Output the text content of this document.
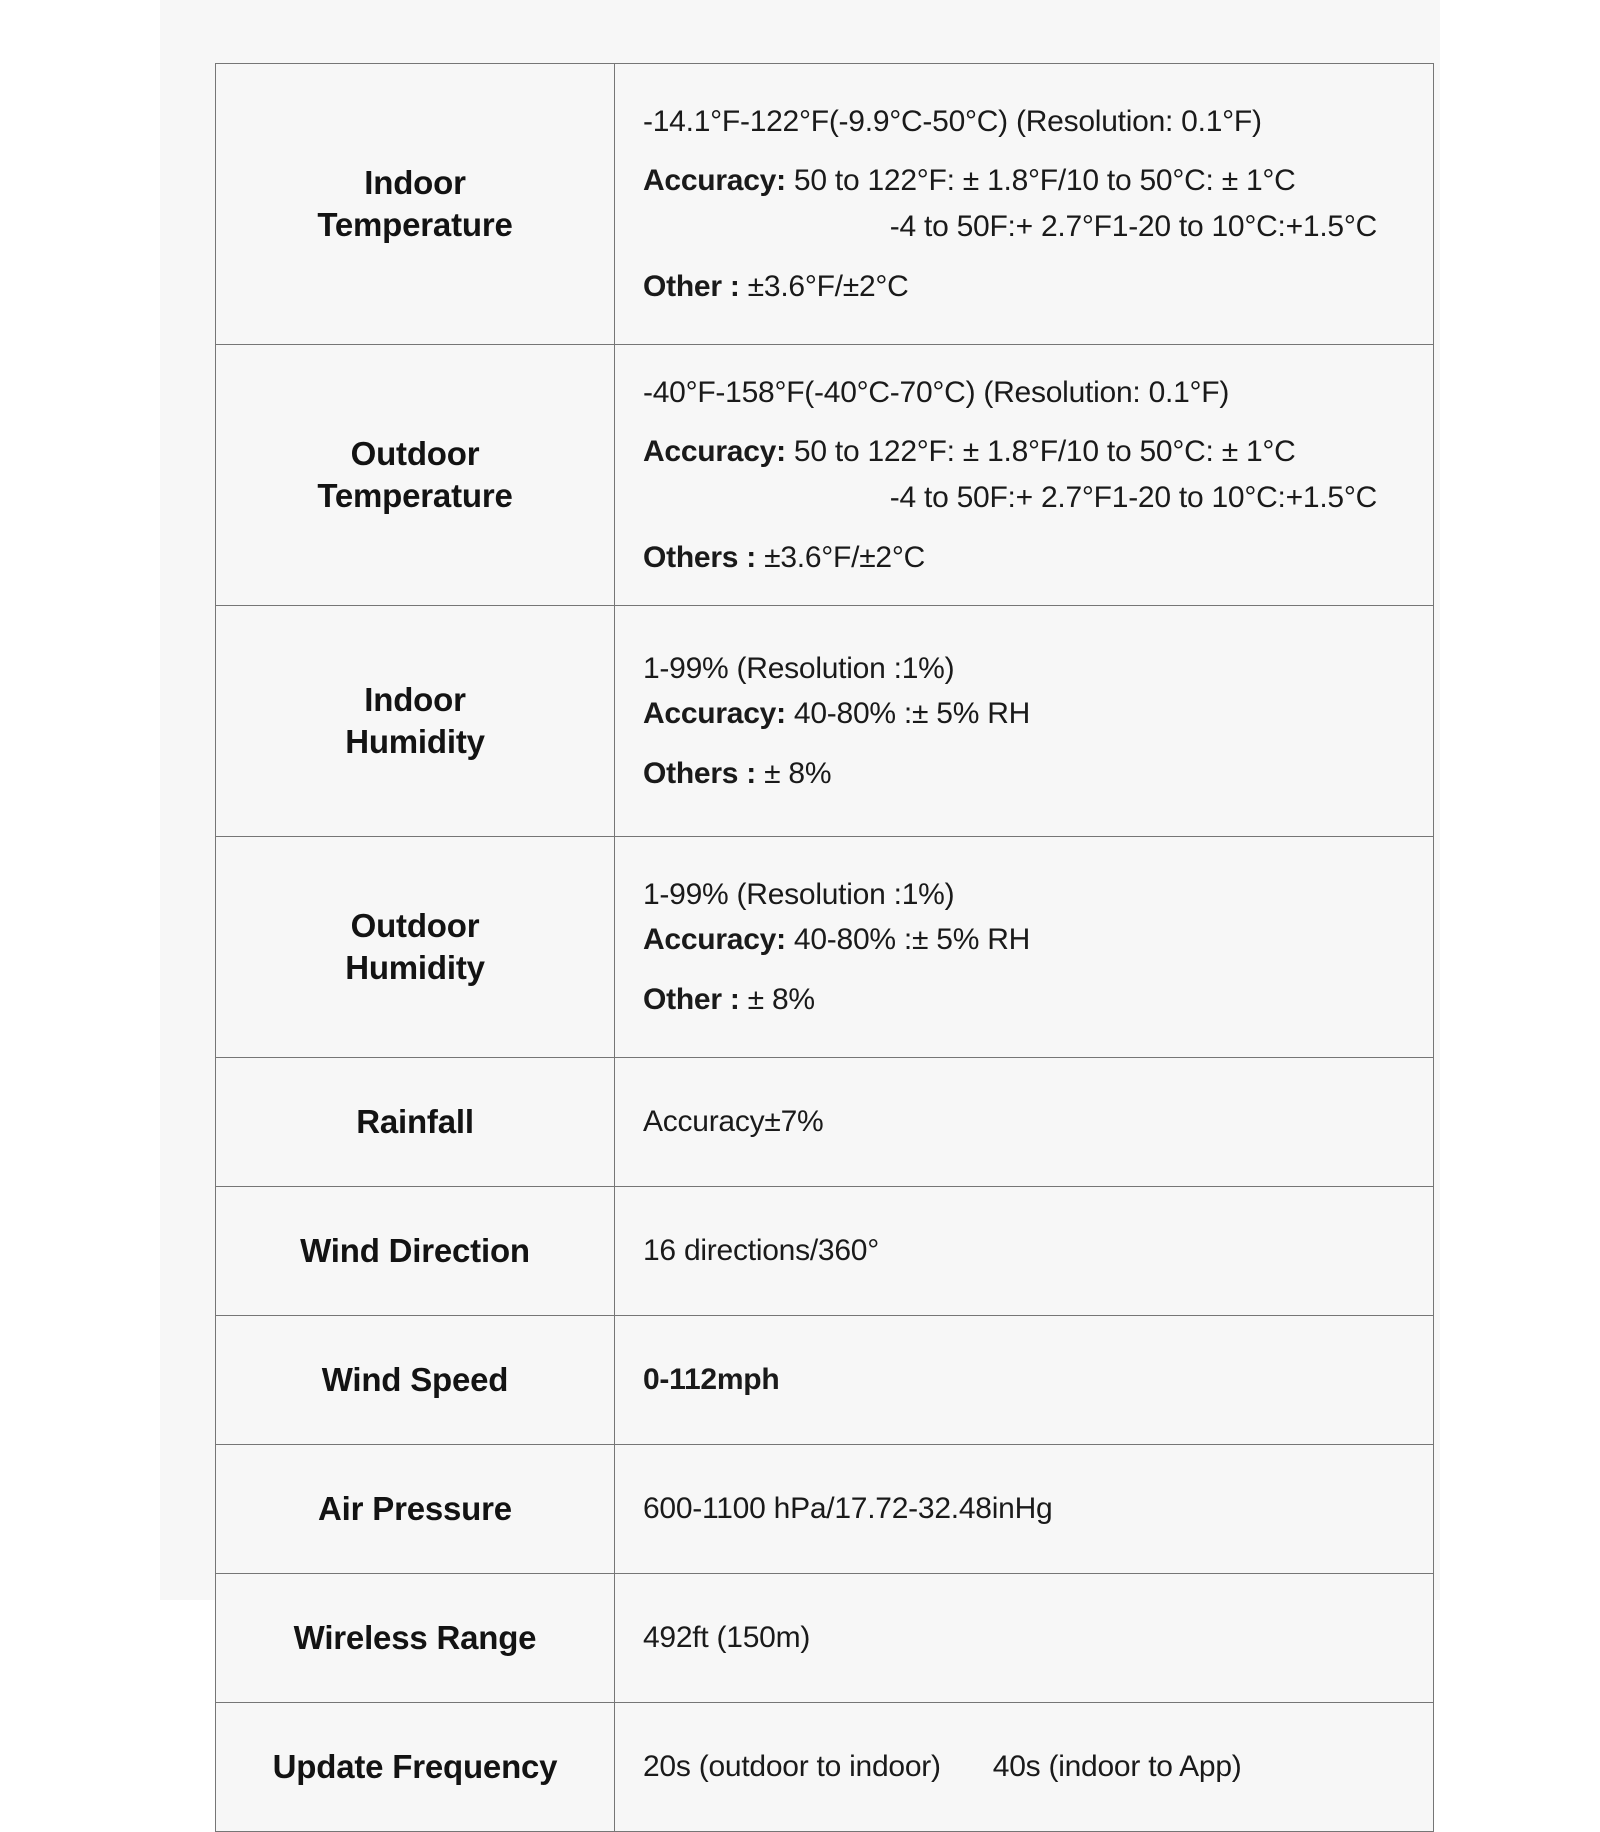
Indoor
Temperature	-14.1°F-122°F(-9.9°C-50°C) (Resolution: 0.1°F)
Accuracy: 50 to 122°F: ± 1.8°F/10 to 50°C: ± 1°C
-4 to 50F:+ 2.7°F1-20 to 10°C:+1.5°C
Other : ±3.6°F/±2°C

Outdoor
Temperature	-40°F-158°F(-40°C-70°C) (Resolution: 0.1°F)
Accuracy: 50 to 122°F: ± 1.8°F/10 to 50°C: ± 1°C
-4 to 50F:+ 2.7°F1-20 to 10°C:+1.5°C
Others : ±3.6°F/±2°C

Indoor
Humidity	1-99% (Resolution :1%)
Accuracy: 40-80% :± 5% RH
Others : ± 8%

Outdoor
Humidity	1-99% (Resolution :1%)
Accuracy: 40-80% :± 5% RH
Other : ± 8%

Rainfall	Accuracy±7%

Wind Direction	16 directions/360°

Wind Speed	0-112mph

Air Pressure	600-1100 hPa/17.72-32.48inHg

Wireless Range	492ft (150m)

Update Frequency	20s (outdoor to indoor) 40s (indoor to App)
